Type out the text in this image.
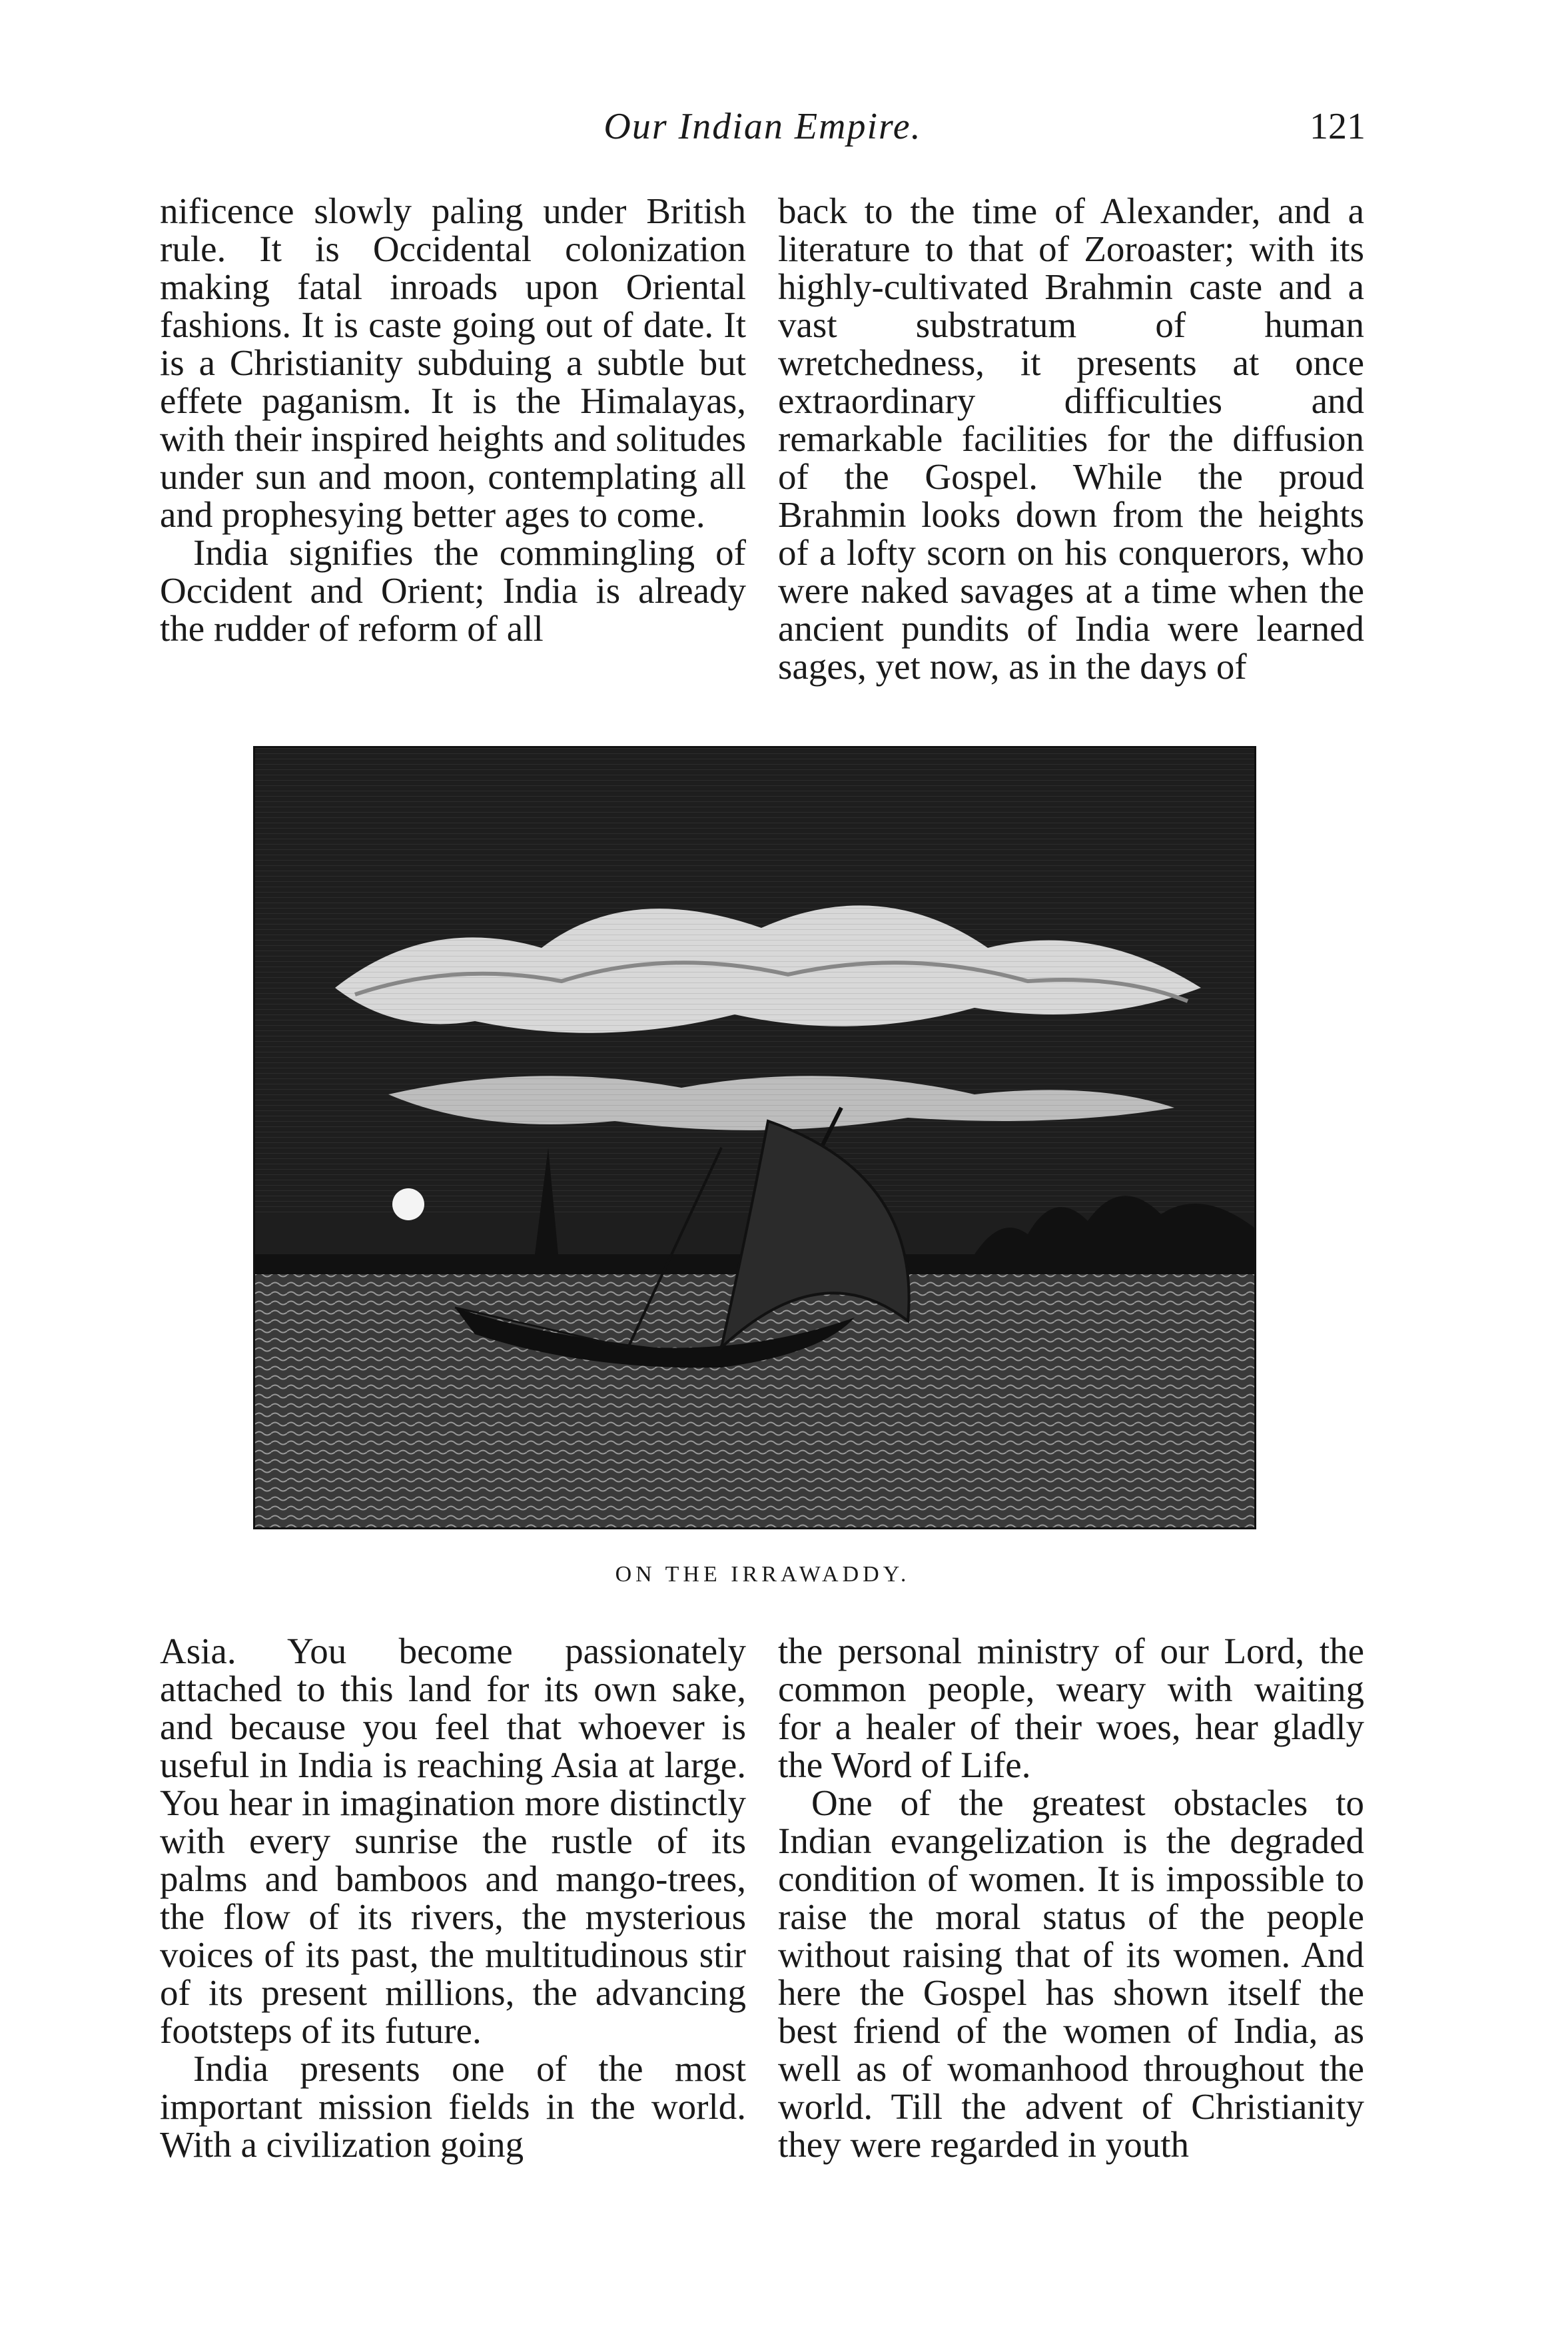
Our Indian Empire.	121

nificence slowly paling under British rule. It is Occidental colonization making fatal inroads upon Oriental fashions. It is caste going out of date. It is a Christianity subduing a subtle but effete paganism. It is the Himalayas, with their inspired heights and solitudes under sun and moon, contemplating all and prophesying better ages to come.

India signifies the commingling of Occident and Orient; India is already the rudder of reform of all

back to the time of Alexander, and a literature to that of Zoroaster; with its highly-cultivated Brahmin caste and a vast substratum of human wretchedness, it presents at once extraordinary difficulties and remarkable facilities for the diffusion of the Gospel. While the proud Brahmin looks down from the heights of a lofty scorn on his conquerors, who were naked savages at a time when the ancient pundits of India were learned sages, yet now, as in the days of

ON THE IRRAWADDY.

Asia. You become passionately attached to this land for its own sake, and because you feel that whoever is useful in India is reaching Asia at large. You hear in imagination more distinctly with every sunrise the rustle of its palms and bamboos and mango-trees, the flow of its rivers, the mysterious voices of its past, the multitudinous stir of its present millions, the advancing footsteps of its future.

India presents one of the most important mission fields in the world. With a civilization going

the personal ministry of our Lord, the common people, weary with waiting for a healer of their woes, hear gladly the Word of Life.

One of the greatest obstacles to Indian evangelization is the degraded condition of women. It is impossible to raise the moral status of the people without raising that of its women. And here the Gospel has shown itself the best friend of the women of India, as well as of womanhood throughout the world. Till the advent of Christianity they were regarded in youth
